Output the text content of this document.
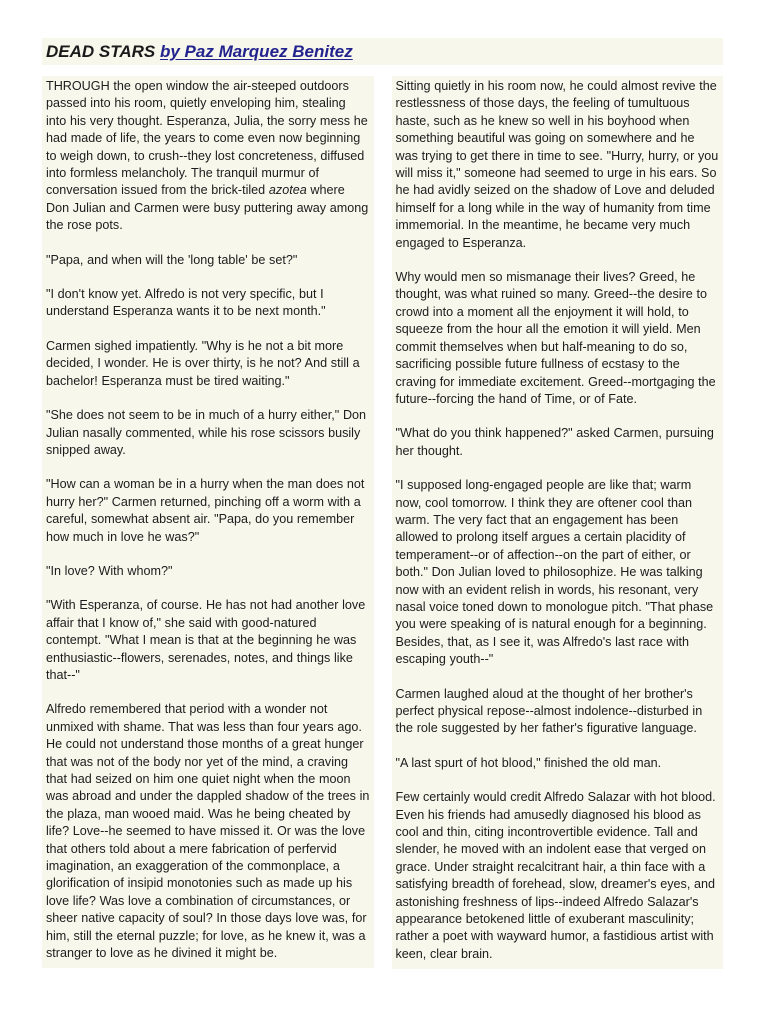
DEAD STARS by Paz Marquez Benitez

THROUGH the open window the air-steeped outdoors passed into his room, quietly enveloping him, stealing into his very thought. Esperanza, Julia, the sorry mess he had made of life, the years to come even now beginning to weigh down, to crush--they lost concreteness, diffused into formless melancholy. The tranquil murmur of conversation issued from the brick-tiled azotea where Don Julian and Carmen were busy puttering away among the rose pots.

"Papa, and when will the 'long table' be set?"

"I don't know yet. Alfredo is not very specific, but I understand Esperanza wants it to be next month."

Carmen sighed impatiently. "Why is he not a bit more decided, I wonder. He is over thirty, is he not? And still a bachelor! Esperanza must be tired waiting."

"She does not seem to be in much of a hurry either," Don Julian nasally commented, while his rose scissors busily snipped away.

"How can a woman be in a hurry when the man does not hurry her?" Carmen returned, pinching off a worm with a careful, somewhat absent air. "Papa, do you remember how much in love he was?"

"In love? With whom?"

"With Esperanza, of course. He has not had another love affair that I know of," she said with good-natured contempt. "What I mean is that at the beginning he was enthusiastic--flowers, serenades, notes, and things like that--"

Alfredo remembered that period with a wonder not unmixed with shame. That was less than four years ago. He could not understand those months of a great hunger that was not of the body nor yet of the mind, a craving that had seized on him one quiet night when the moon was abroad and under the dappled shadow of the trees in the plaza, man wooed maid. Was he being cheated by life? Love--he seemed to have missed it. Or was the love that others told about a mere fabrication of perfervid imagination, an exaggeration of the commonplace, a glorification of insipid monotonies such as made up his love life? Was love a combination of circumstances, or sheer native capacity of soul? In those days love was, for him, still the eternal puzzle; for love, as he knew it, was a stranger to love as he divined it might be.

Sitting quietly in his room now, he could almost revive the restlessness of those days, the feeling of tumultuous haste, such as he knew so well in his boyhood when something beautiful was going on somewhere and he was trying to get there in time to see. "Hurry, hurry, or you will miss it," someone had seemed to urge in his ears. So he had avidly seized on the shadow of Love and deluded himself for a long while in the way of humanity from time immemorial. In the meantime, he became very much engaged to Esperanza.

Why would men so mismanage their lives? Greed, he thought, was what ruined so many. Greed--the desire to crowd into a moment all the enjoyment it will hold, to squeeze from the hour all the emotion it will yield. Men commit themselves when but half-meaning to do so, sacrificing possible future fullness of ecstasy to the craving for immediate excitement. Greed--mortgaging the future--forcing the hand of Time, or of Fate.

"What do you think happened?" asked Carmen, pursuing her thought.

"I supposed long-engaged people are like that; warm now, cool tomorrow. I think they are oftener cool than warm. The very fact that an engagement has been allowed to prolong itself argues a certain placidity of temperament--or of affection--on the part of either, or both." Don Julian loved to philosophize. He was talking now with an evident relish in words, his resonant, very nasal voice toned down to monologue pitch. "That phase you were speaking of is natural enough for a beginning. Besides, that, as I see it, was Alfredo's last race with escaping youth--"

Carmen laughed aloud at the thought of her brother's perfect physical repose--almost indolence--disturbed in the role suggested by her father's figurative language.

"A last spurt of hot blood," finished the old man.

Few certainly would credit Alfredo Salazar with hot blood. Even his friends had amusedly diagnosed his blood as cool and thin, citing incontrovertible evidence. Tall and slender, he moved with an indolent ease that verged on grace. Under straight recalcitrant hair, a thin face with a satisfying breadth of forehead, slow, dreamer's eyes, and astonishing freshness of lips--indeed Alfredo Salazar's appearance betokened little of exuberant masculinity; rather a poet with wayward humor, a fastidious artist with keen, clear brain.
